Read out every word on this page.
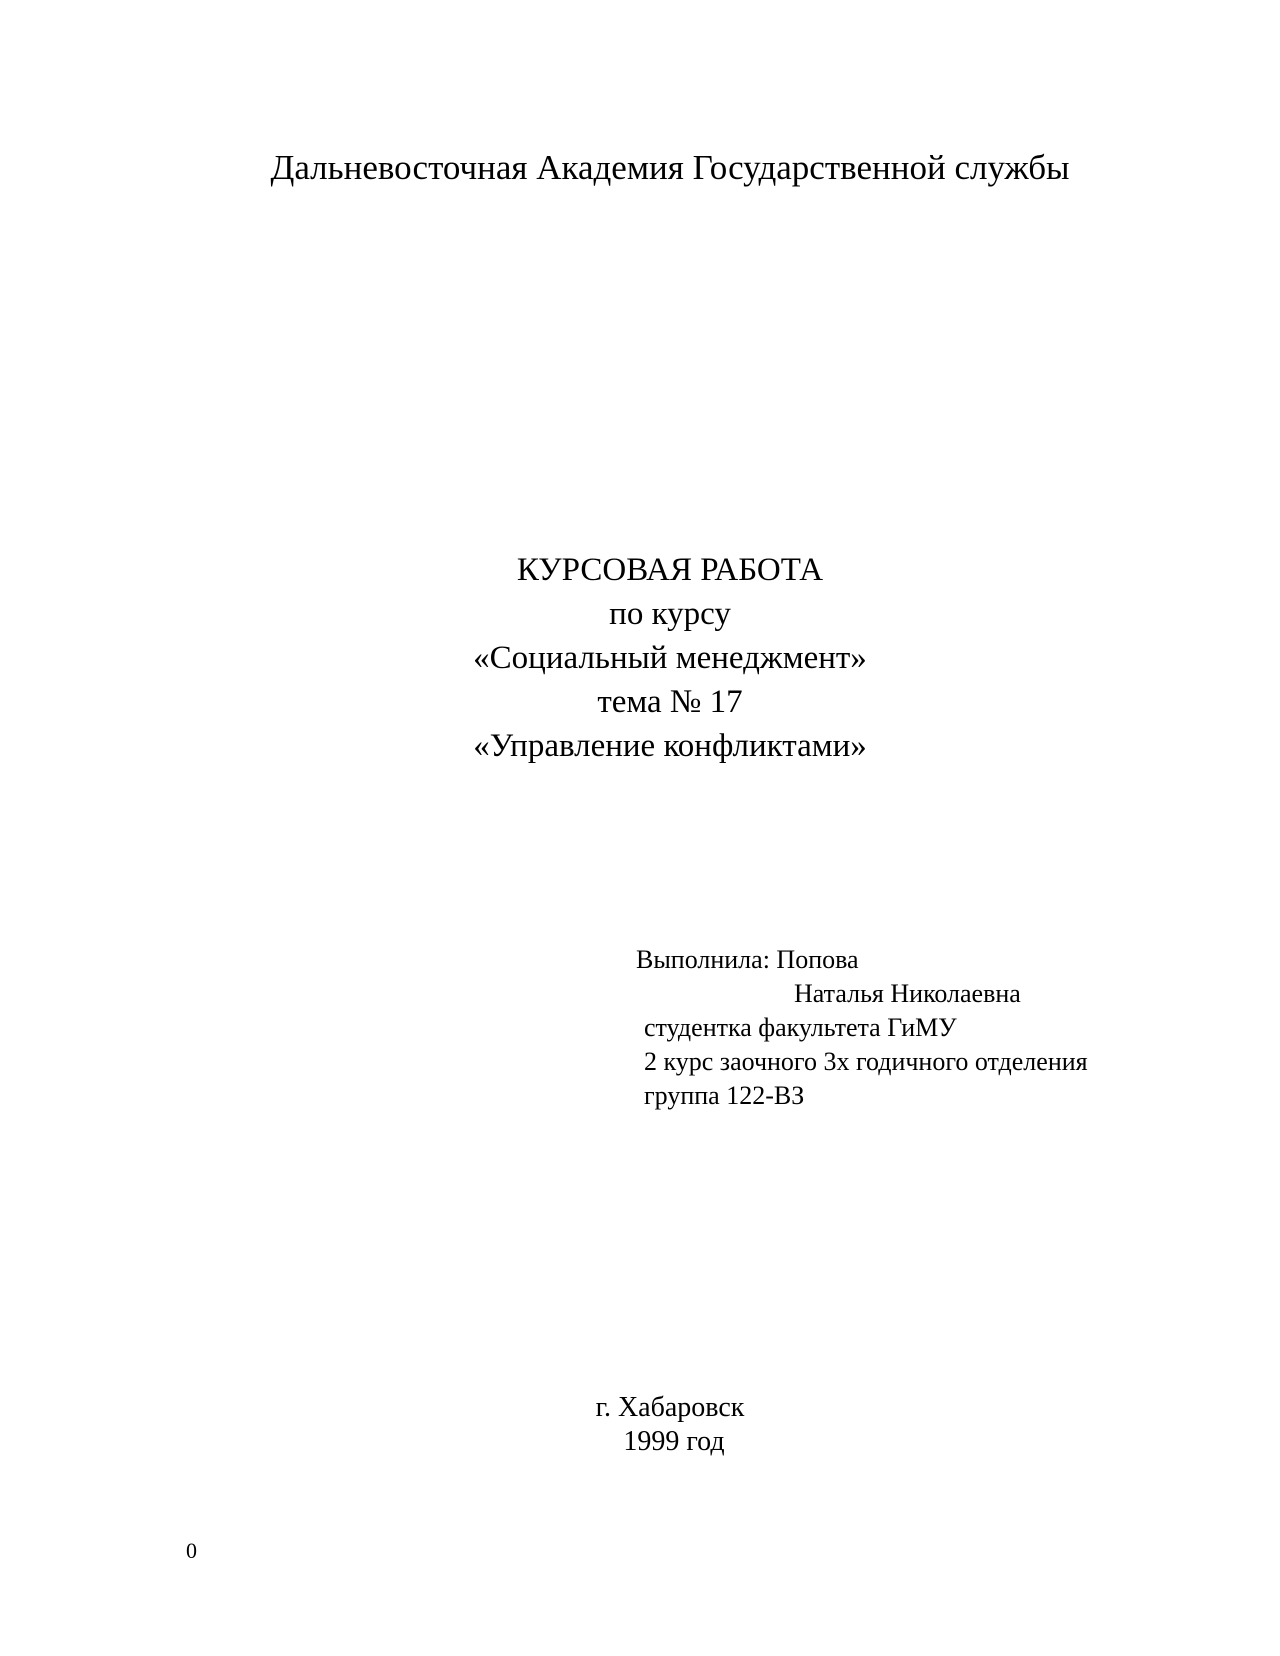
Дальневосточная Академия Государственной службы
КУРСОВАЯ РАБОТА
по курсу
«Социальный менеджмент»
тема № 17
«Управление конфликтами»
Выполнила: Попова
Наталья Николаевна
студентка факультета ГиМУ
2 курс заочного 3х годичного отделения
группа 122-ВЗ
г. Хабаровск
1999 год
0
